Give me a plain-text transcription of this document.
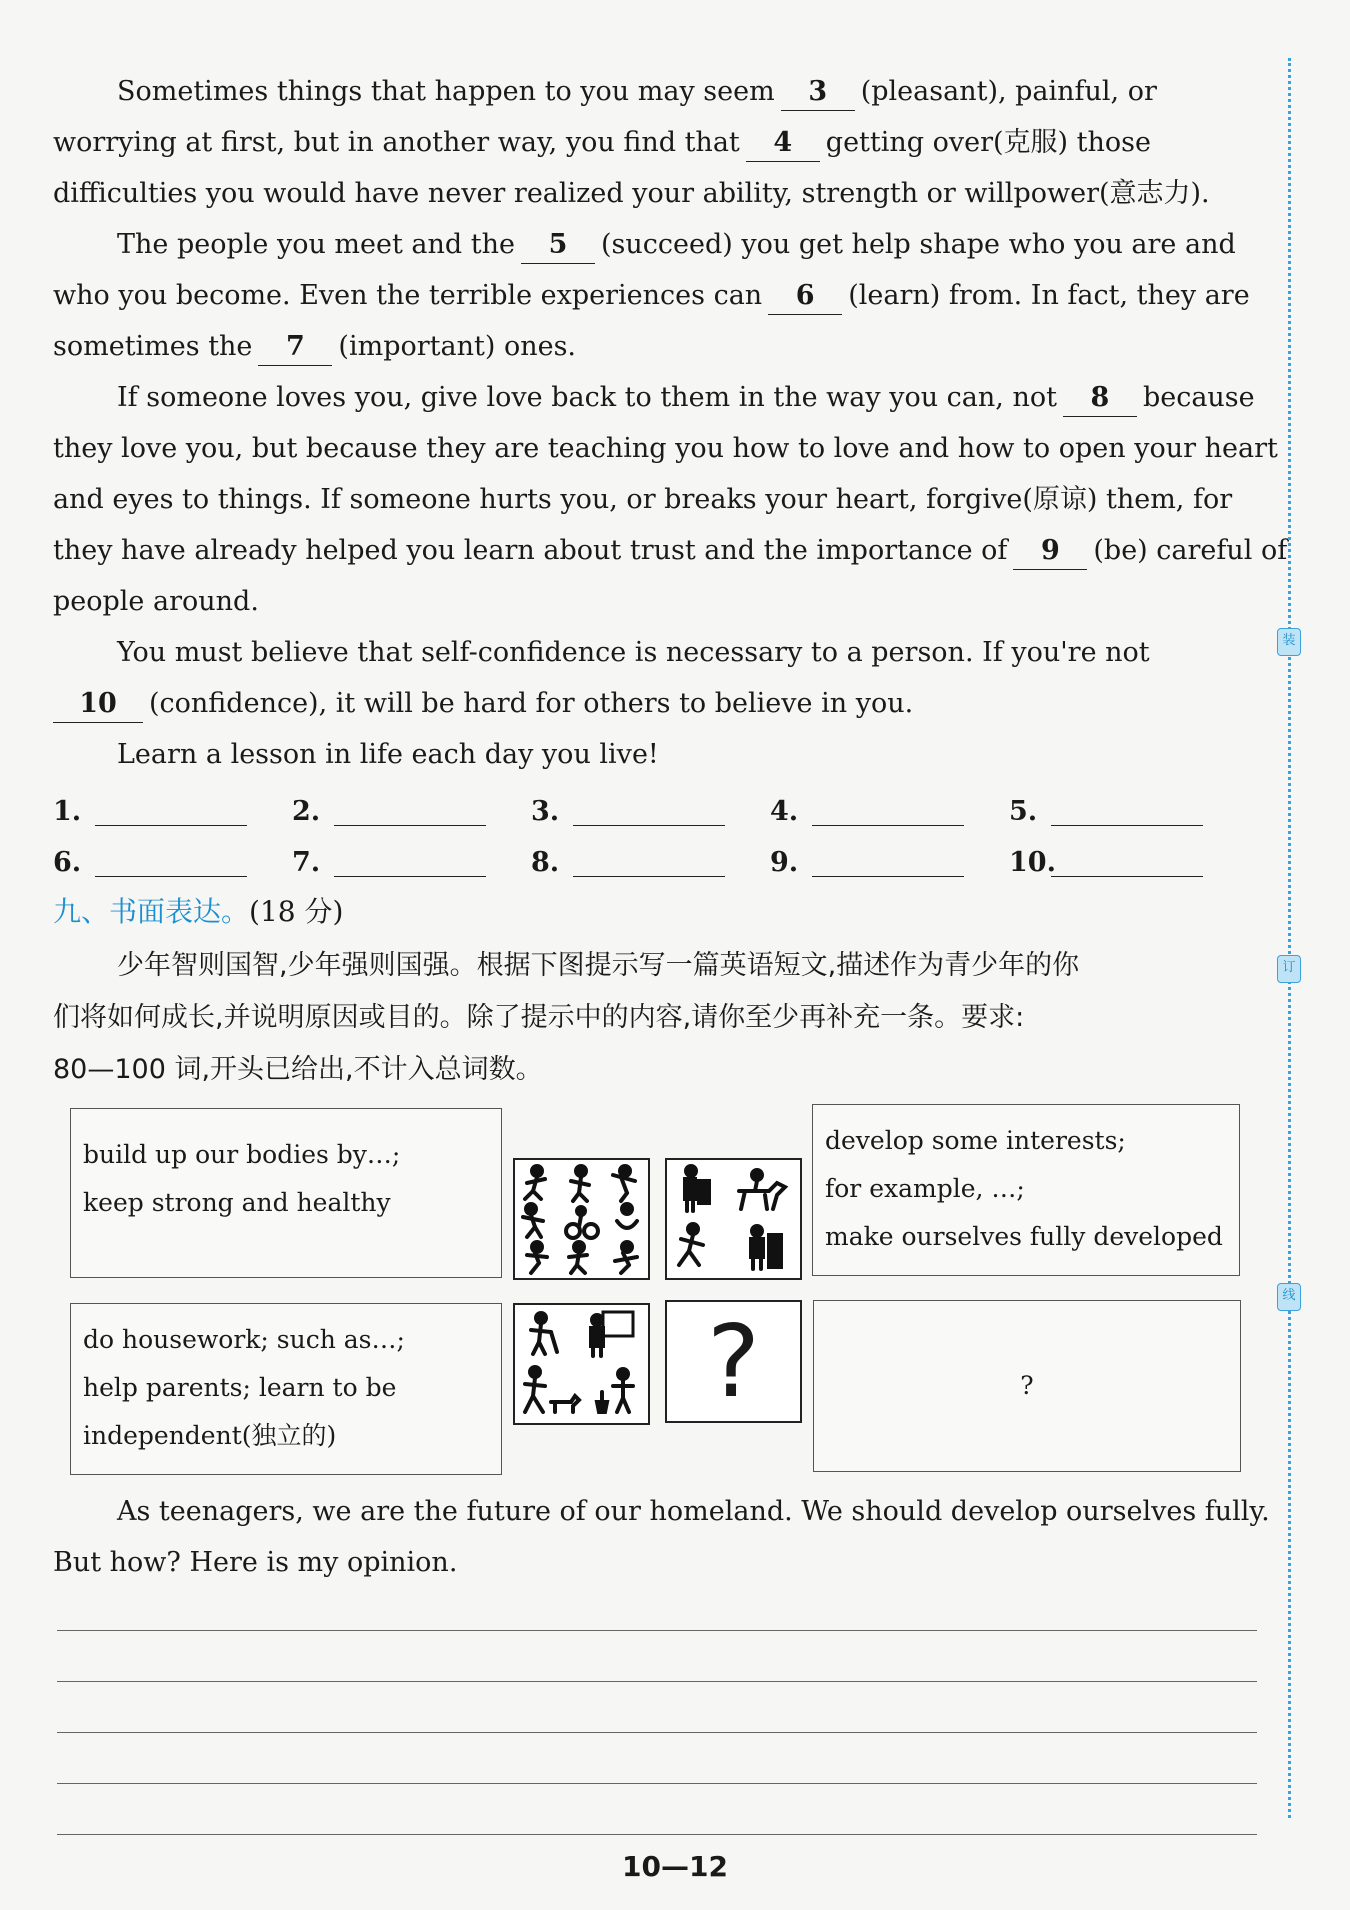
Sometimes things that happen to you may seem 3 (pleasant), painful, or
worrying at first, but in another way, you find that 4 getting over(克服) those
difficulties you would have never realized your ability, strength or willpower(意志力).
The people you meet and the 5 (succeed) you get help shape who you are and
who you become. Even the terrible experiences can 6 (learn) from. In fact, they are
sometimes the 7 (important) ones.
If someone loves you, give love back to them in the way you can, not 8 because
they love you, but because they are teaching you how to love and how to open your heart
and eyes to things. If someone hurts you, or breaks your heart, forgive(原谅) them, for
they have already helped you learn about trust and the importance of 9 (be) careful of
people around.
You must believe that self-confidence is necessary to a person. If you're not
10 (confidence), it will be hard for others to believe in you.
Learn a lesson in life each day you live!
1.	2.	3.	4.	5.
6.	7.	8.	9.	10.
九、书面表达。(18 分)
少年智则国智,少年强则国强。根据下图提示写一篇英语短文,描述作为青少年的你
们将如何成长,并说明原因或目的。除了提示中的内容,请你至少再补充一条。要求:
80—100 词,开头已给出,不计入总词数。
build up our bodies by…;
keep strong and healthy
develop some interests;
for example, …;
make ourselves fully developed
do housework; such as…;
help parents; learn to be
independent(独立的)
?	?
As teenagers, we are the future of our homeland. We should develop ourselves fully.
But how? Here is my opinion.
10—12
装
订
线
